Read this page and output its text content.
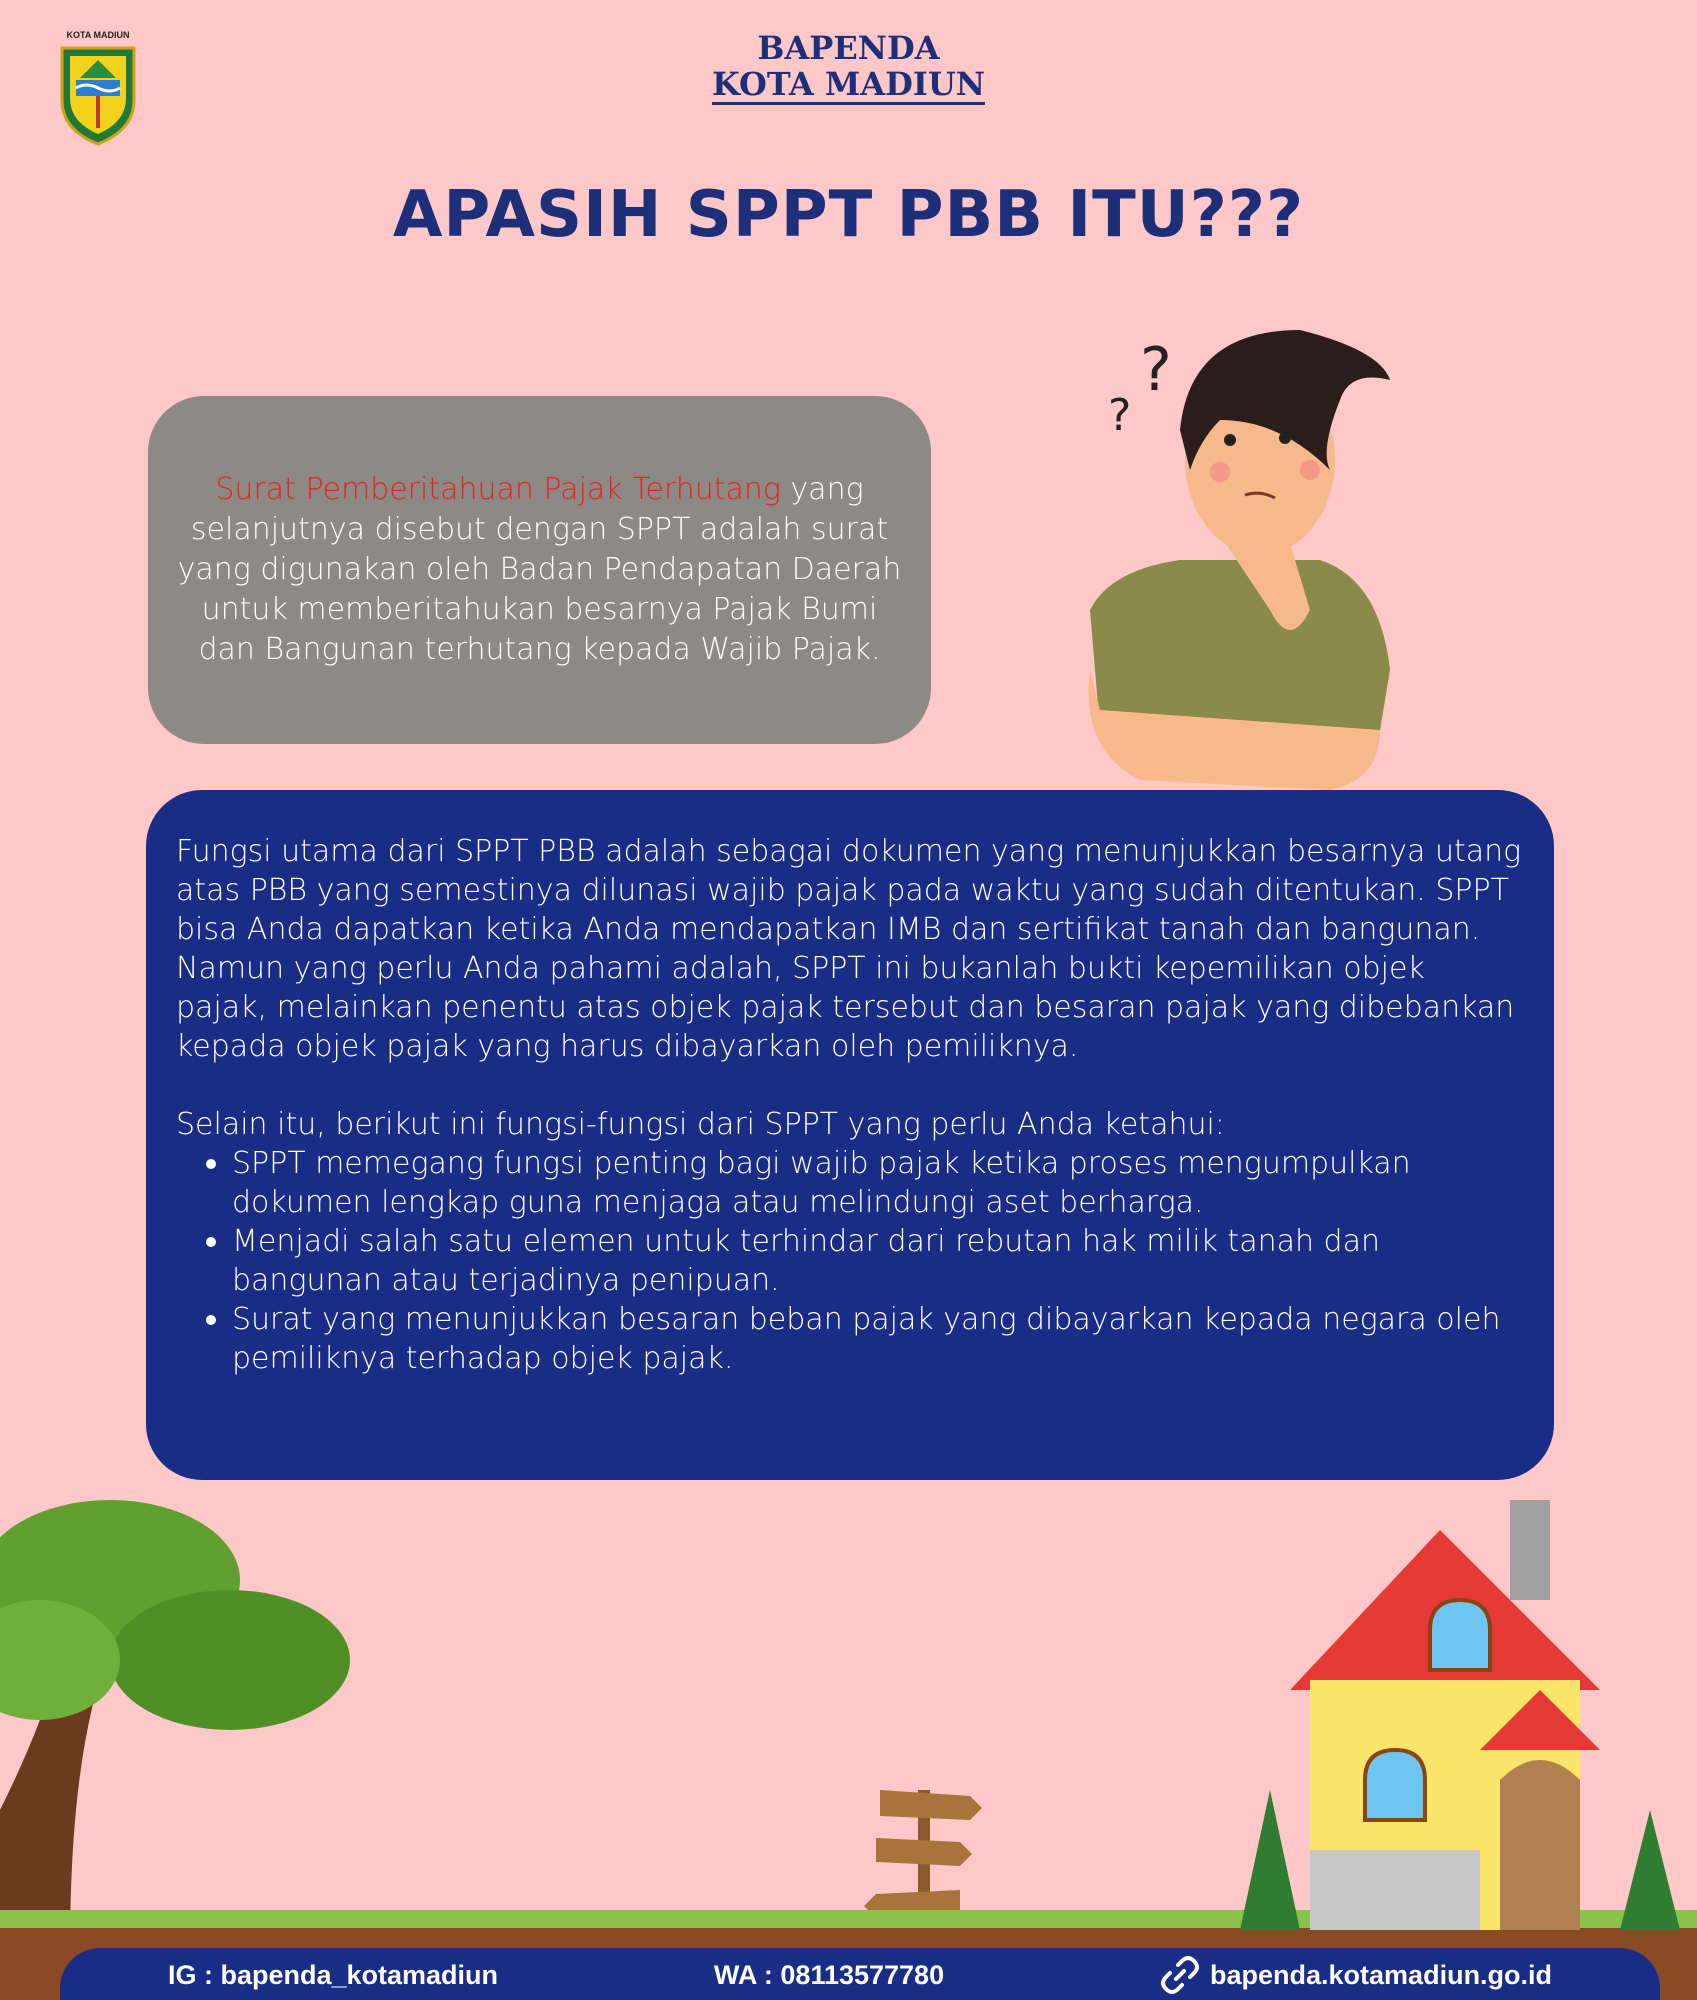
KOTA MADIUN	BAPENDA
KOTA MADIUN
APASIH SPPT PBB ITU???

Surat Pemberitahuan Pajak Terhutang yang selanjutnya disebut dengan SPPT adalah surat yang digunakan oleh Badan Pendapatan Daerah untuk memberitahukan besarnya Pajak Bumi dan Bangunan terhutang kepada Wajib Pajak.

?
?

Fungsi utama dari SPPT PBB adalah sebagai dokumen yang menunjukkan besarnya utang atas PBB yang semestinya dilunasi wajib pajak pada waktu yang sudah ditentukan. SPPT bisa Anda dapatkan ketika Anda mendapatkan IMB dan sertifikat tanah dan bangunan. Namun yang perlu Anda pahami adalah, SPPT ini bukanlah bukti kepemilikan objek pajak, melainkan penentu atas objek pajak tersebut dan besaran pajak yang dibebankan kepada objek pajak yang harus dibayarkan oleh pemiliknya.

Selain itu, berikut ini fungsi-fungsi dari SPPT yang perlu Anda ketahui:

SPPT memegang fungsi penting bagi wajib pajak ketika proses mengumpulkan dokumen lengkap guna menjaga atau melindungi aset berharga.
Menjadi salah satu elemen untuk terhindar dari rebutan hak milik tanah dan bangunan atau terjadinya penipuan.
Surat yang menunjukkan besaran beban pajak yang dibayarkan kepada negara oleh pemiliknya terhadap objek pajak.
IG : bapenda_kotamadiun	WA : 08113577780	bapenda.kotamadiun.go.id
